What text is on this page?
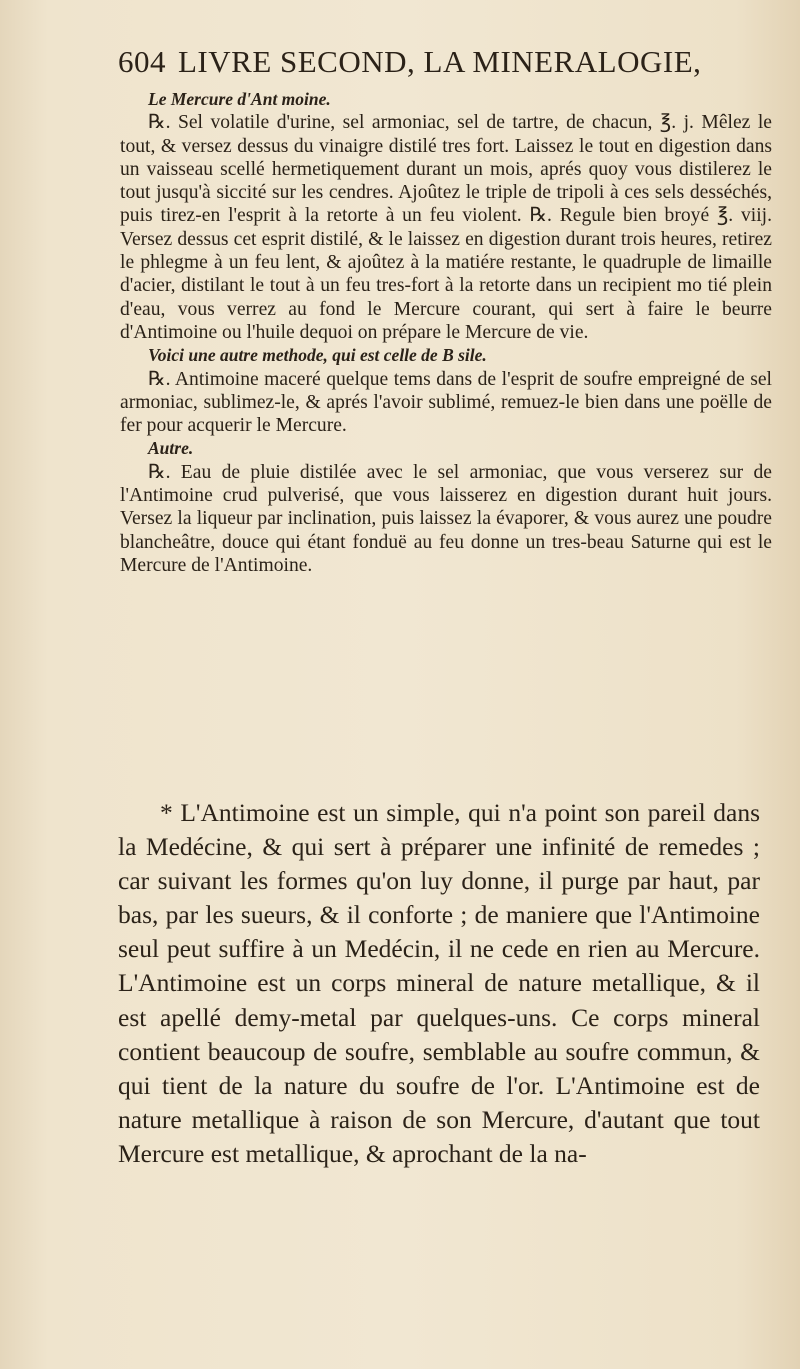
604 LIVRE SECOND, LA MINERALOGIE,

Le Mercure d'Ant moine.

℞. Sel volatile d'urine, sel armoniac, sel de tartre, de chacun, ℥. j. Mêlez le tout, & versez dessus du vinaigre distilé tres fort. Laissez le tout en digestion dans un vaisseau scellé hermetiquement durant un mois, aprés quoy vous distilerez le tout jusqu'à siccité sur les cendres. Ajoûtez le triple de tripoli à ces sels desséchés, puis tirez-en l'esprit à la retorte à un feu violent. ℞. Regule bien broyé ℥. viij. Versez dessus cet esprit distilé, & le laissez en digestion durant trois heures, retirez le phlegme à un feu lent, & ajoûtez à la matiére restante, le quadruple de limaille d'acier, distilant le tout à un feu tres-fort à la retorte dans un recipient mo tié plein d'eau, vous verrez au fond le Mercure courant, qui sert à faire le beurre d'Antimoine ou l'huile dequoi on prépare le Mercure de vie.

Voici une autre methode, qui est celle de B sile.

℞. Antimoine maceré quelque tems dans de l'esprit de soufre empreigné de sel armoniac, sublimez-le, & aprés l'avoir sublimé, remuez-le bien dans une poëlle de fer pour acquerir le Mercure.

Autre.

℞. Eau de pluie distilée avec le sel armoniac, que vous verserez sur de l'Antimoine crud pulverisé, que vous laisserez en digestion durant huit jours. Versez la liqueur par inclination, puis laissez la évaporer, & vous aurez une poudre blancheâtre, douce qui étant fonduë au feu donne un tres-beau Saturne qui est le Mercure de l'Antimoine.

* L'Antimoine est un simple, qui n'a point son pareil dans la Medécine, & qui sert à préparer une infinité de remedes ; car suivant les formes qu'on luy donne, il purge par haut, par bas, par les sueurs, & il conforte ; de maniere que l'Antimoine seul peut suffire à un Medécin, il ne cede en rien au Mercure. L'Antimoine est un corps mineral de nature metallique, & il est apellé demy-metal par quelques-uns. Ce corps mineral contient beaucoup de soufre, semblable au soufre commun, & qui tient de la nature du soufre de l'or. L'Antimoine est de nature metallique à raison de son Mercure, d'autant que tout Mercure est metallique, & aprochant de la na-
